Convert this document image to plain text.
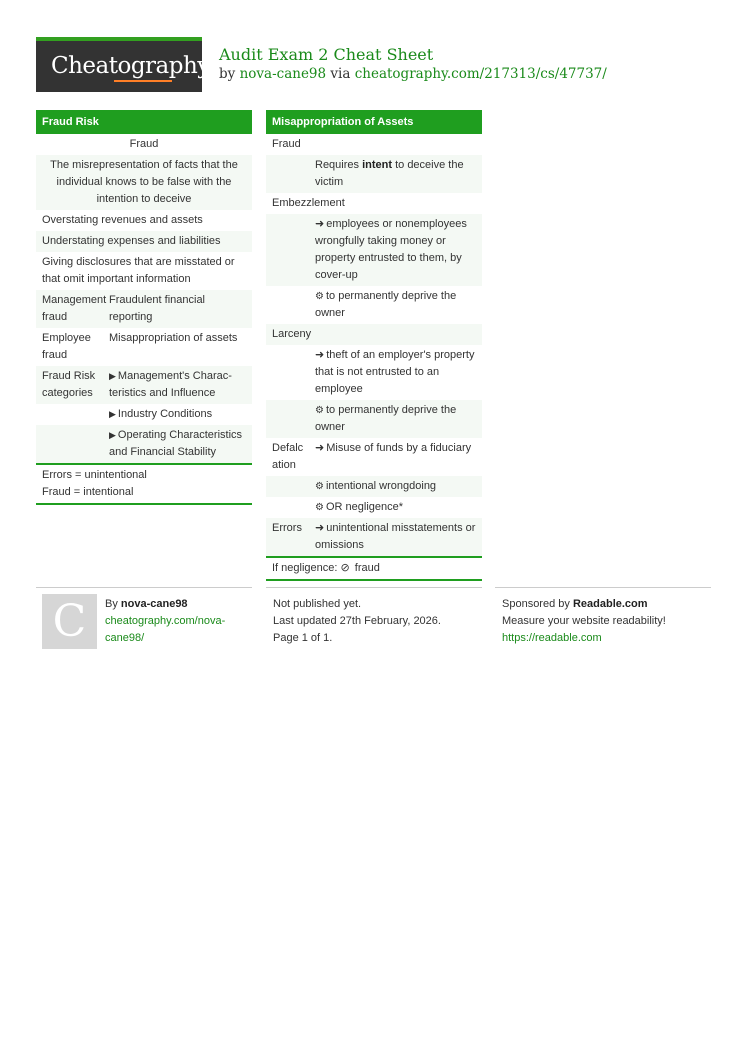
Cheatography Audit Exam 2 Cheat Sheet
by nova-cane98 via cheatography.com/217313/cs/47737/
Fraud Risk
Fraud
The misrepresentation of facts that the individual knows to be false with the intention to deceive
Overstating revenues and assets
Understating expenses and liabilities
Giving disclosures that are misstated or that omit important information
Management fraud
Fraudulent financial reporting
Employee fraud
Misappropriation of assets
Fraud Risk categories
▶ Management's Charac- teristics and Influence
▶ Industry Conditions
▶ Operating Characteristics and Financial Stability
Errors = unintentional
Fraud = intentional
Misappropriation of Assets
Fraud
Requires intent to deceive the victim
Embezzlement
➜ employees or nonemployees wrongfully taking money or property entrusted to them, by cover-up
⚙ to permanently deprive the owner
Larceny
➜ theft of an employer's property that is not entrusted to an employee
⚙ to permanently deprive the owner
Defalc ation
➜ Misuse of funds by a fiduciary
⚙ intentional wrongdoing
⚙ OR negligence*
Errors	➜ unintentional misstatements or omissions
If negligence: ⊘ fraud
C	By nova-cane98
cheatography.com/nova-cane98/
Not published yet.
Last updated 27th February, 2026.
Page 1 of 1.
Sponsored by Readable.com
Measure your website readability!
https://readable.com
